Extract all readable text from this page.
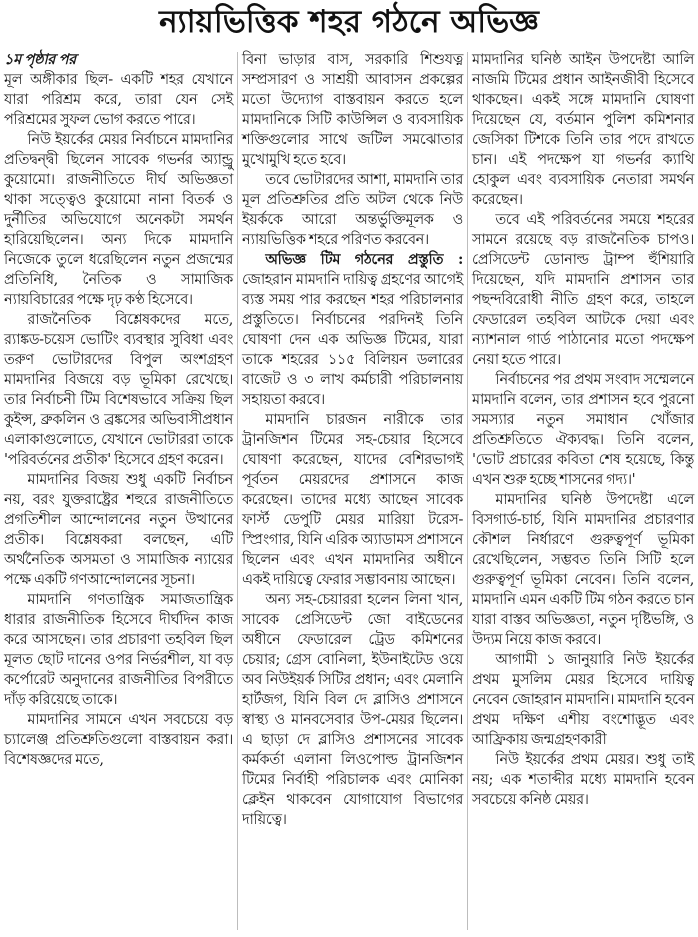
ন্যায়ভিত্তিক শহর গঠনে অভিজ্ঞ
১ম পৃষ্ঠার পর

মূল অঙ্গীকার ছিল- একটি শহর যেখানে যারা পরিশ্রম করে, তারা যেন সেই পরিশ্রমের সুফল ভোগ করতে পারে।

নিউ ইয়র্কের মেয়র নির্বাচনে মামদানির প্রতিদ্বন্দ্বী ছিলেন সাবেক গভর্নর অ্যান্ড্রু কুয়োমো। রাজনীতিতে দীর্ঘ অভিজ্ঞতা থাকা সত্ত্বেও কুয়োমো নানা বিতর্ক ও দুর্নীতির অভিযোগে অনেকটা সমর্থন হারিয়েছিলেন। অন্য দিকে মামদানি নিজেকে তুলে ধরেছিলেন নতুন প্রজন্মের প্রতিনিধি, নৈতিক ও সামাজিক ন্যায়বিচারের পক্ষে দৃঢ় কণ্ঠ হিসেবে।

রাজনৈতিক বিশ্লেষকদের মতে, র‍্যাঙ্কড-চয়েস ভোটিং ব্যবস্থার সুবিধা এবং তরুণ ভোটারদের বিপুল অংশগ্রহণ মামদানির বিজয়ে বড় ভূমিকা রেখেছে। তার নির্বাচনী টিম বিশেষভাবে সক্রিয় ছিল কুইন্স, ব্রুকলিন ও ব্রঙ্কসের অভিবাসীপ্রধান এলাকাগুলোতে, যেখানে ভোটাররা তাকে 'পরিবর্তনের প্রতীক' হিসেবে গ্রহণ করেন।

মামদানির বিজয় শুধু একটি নির্বাচন নয়, বরং যুক্তরাষ্ট্রের শহুরে রাজনীতিতে প্রগতিশীল আন্দোলনের নতুন উত্থানের প্রতীক। বিশ্লেষকরা বলছেন, এটি অর্থনৈতিক অসমতা ও সামাজিক ন্যায়ের পক্ষে একটি গণআন্দোলনের সূচনা।

মামদানি গণতান্ত্রিক সমাজতান্ত্রিক ধারার রাজনীতিক হিসেবে দীর্ঘদিন কাজ করে আসছেন। তার প্রচারণা তহবিল ছিল মূলত ছোট দানের ওপর নির্ভরশীল, যা বড় কর্পোরেট অনুদানের রাজনীতির বিপরীতে দাঁড় করিয়েছে তাকে।

মামদানির সামনে এখন সবচেয়ে বড় চ্যালেঞ্জ প্রতিশ্রুতিগুলো বাস্তবায়ন করা। বিশেষজ্ঞদের মতে,

বিনা ভাড়ার বাস, সরকারি শিশুযত্ন সম্প্রসারণ ও সাশ্রয়ী আবাসন প্রকল্পের মতো উদ্যোগ বাস্তবায়ন করতে হলে মামদানিকে সিটি কাউন্সিল ও ব্যবসায়িক শক্তিগুলোর সাথে জটিল সমঝোতার মুখোমুখি হতে হবে।

তবে ভোটারদের আশা, মামদানি তার মূল প্রতিশ্রুতির প্রতি অটল থেকে নিউ ইয়র্ককে আরো অন্তর্ভুক্তিমূলক ও ন্যায়ভিত্তিক শহরে পরিণত করবেন।

অভিজ্ঞ টিম গঠনের প্রস্তুতি : জোহরান মামদানি দায়িত্ব গ্রহণের আগেই ব্যস্ত সময় পার করছেন শহর পরিচালনার প্রস্তুতিতে। নির্বাচনের পরদিনই তিনি ঘোষণা দেন এক অভিজ্ঞ টিমের, যারা তাকে শহরের ১১৫ বিলিয়ন ডলারের বাজেট ও ৩ লাখ কর্মচারী পরিচালনায় সহায়তা করবে।

মামদানি চারজন নারীকে তার ট্রানজিশন টিমের সহ-চেয়ার হিসেবে ঘোষণা করেছেন, যাদের বেশিরভাগই পূর্বতন মেয়রদের প্রশাসনে কাজ করেছেন। তাদের মধ্যে আছেন সাবেক ফার্স্ট ডেপুটি মেয়র মারিয়া টরেস-স্প্রিংগার, যিনি এরিক অ্যাডামস প্রশাসনে ছিলেন এবং এখন মামদানির অধীনে একই দায়িত্বে ফেরার সম্ভাবনায় আছেন।

অন্য সহ-চেয়াররা হলেন লিনা খান, সাবেক প্রেসিডেন্ট জো বাইডেনের অধীনে ফেডারেল ট্রেড কমিশনের চেয়ার; গ্রেস বোনিলা, ইউনাইটেড ওয়ে অব নিউইয়র্ক সিটির প্রধান; এবং মেলানি হার্টজগ, যিনি বিল দে ব্লাসিও প্রশাসনে স্বাস্থ্য ও মানবসেবার উপ-মেয়র ছিলেন। এ ছাড়া দে ব্লাসিও প্রশাসনের সাবেক কর্মকর্তা এলানা লিওপোল্ড ট্রানজিশন টিমের নির্বাহী পরিচালক এবং মোনিকা ক্লেইন থাকবেন যোগাযোগ বিভাগের দায়িত্বে।

মামদানির ঘনিষ্ঠ আইন উপদেষ্টা আলি নাজমি টিমের প্রধান আইনজীবী হিসেবে থাকছেন। একই সঙ্গে মামদানি ঘোষণা দিয়েছেন যে, বর্তমান পুলিশ কমিশনার জেসিকা টিশকে তিনি তার পদে রাখতে চান। এই পদক্ষেপ যা গভর্নর ক্যাথি হোকুল এবং ব্যবসায়িক নেতারা সমর্থন করেছেন।

তবে এই পরিবর্তনের সময়ে শহরের সামনে রয়েছে বড় রাজনৈতিক চাপও। প্রেসিডেন্ট ডোনাল্ড ট্রাম্প হুঁশিয়ারি দিয়েছেন, যদি মামদানি প্রশাসন তার পছন্দবিরোধী নীতি গ্রহণ করে, তাহলে ফেডারেল তহবিল আটকে দেয়া এবং ন্যাশনাল গার্ড পাঠানোর মতো পদক্ষেপ নেয়া হতে পারে।

নির্বাচনের পর প্রথম সংবাদ সম্মেলনে মামদানি বলেন, তার প্রশাসন হবে পুরনো সমস্যার নতুন সমাধান খোঁজার প্রতিশ্রুতিতে ঐক্যবদ্ধ। তিনি বলেন, 'ভোট প্রচারের কবিতা শেষ হয়েছে, কিন্তু এখন শুরু হচ্ছে শাসনের গদ্য।'

মামদানির ঘনিষ্ঠ উপদেষ্টা এলে বিসগার্ড-চার্চ, যিনি মামদানির প্রচারণার কৌশল নির্ধারণে গুরুত্বপূর্ণ ভূমিকা রেখেছিলেন, সম্ভবত তিনি সিটি হলে গুরুত্বপূর্ণ ভূমিকা নেবেন। তিনি বলেন, মামদানি এমন একটি টিম গঠন করতে চান যারা বাস্তব অভিজ্ঞতা, নতুন দৃষ্টিভঙ্গি, ও উদ্যম নিয়ে কাজ করবে।

আগামী ১ জানুয়ারি নিউ ইয়র্কের প্রথম মুসলিম মেয়র হিসেবে দায়িত্ব নেবেন জোহরান মামদানি। মামদানি হবেন প্রথম দক্ষিণ এশীয় বংশোদ্ভূত এবং আফ্রিকায় জন্মগ্রহণকারী

নিউ ইয়র্কের প্রথম মেয়র। শুধু তাই নয়; এক শতাব্দীর মধ্যে মামদানি হবেন সবচেয়ে কনিষ্ঠ মেয়র।
